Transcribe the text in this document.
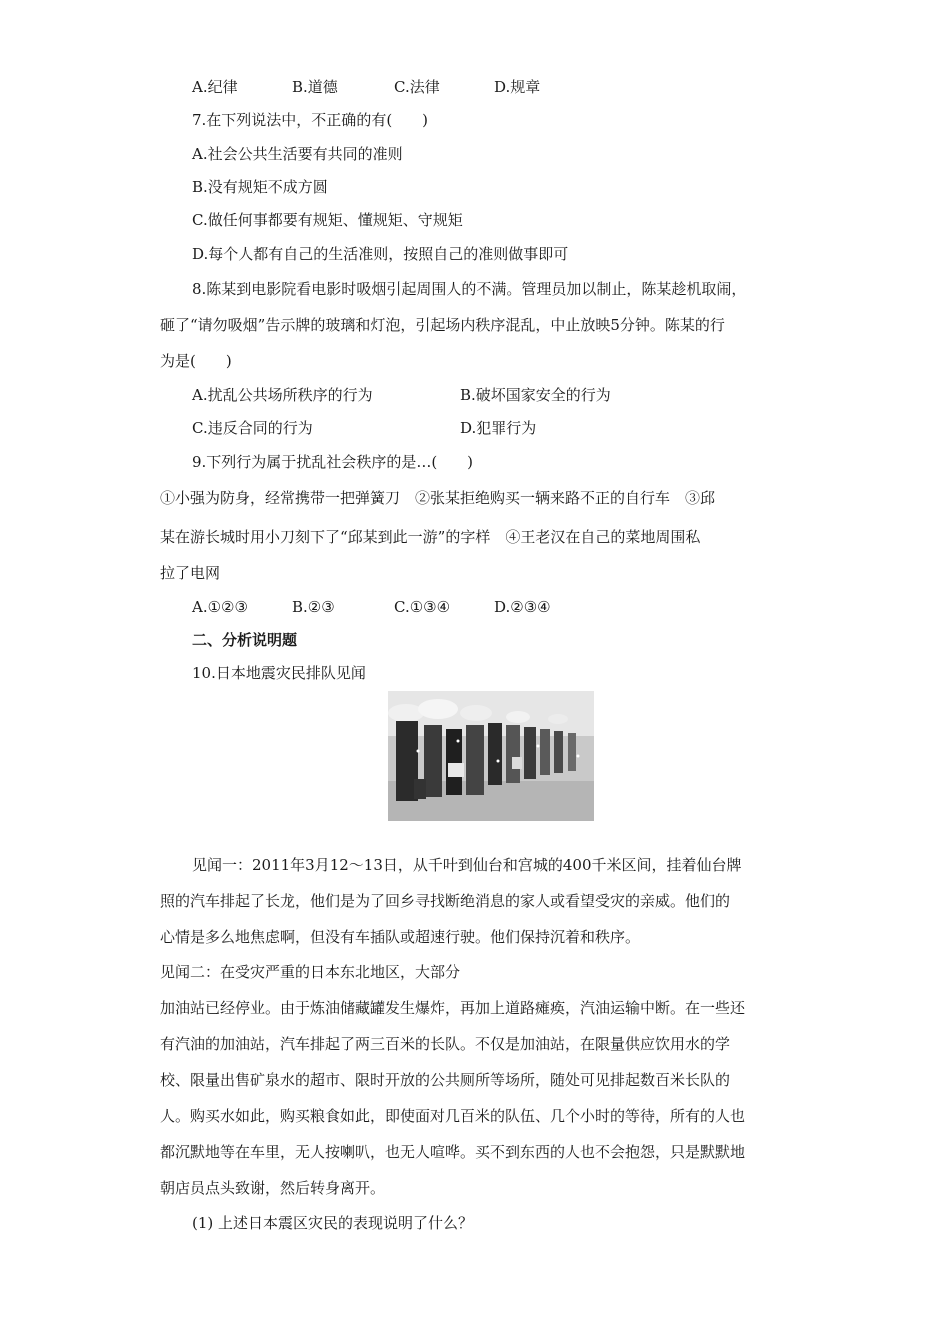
A.纪律	B.道德	C.法律	D.规章
7.在下列说法中，不正确的有(　　)
A.社会公共生活要有共同的准则
B.没有规矩不成方圆
C.做任何事都要有规矩、懂规矩、守规矩
D.每个人都有自己的生活准则，按照自己的准则做事即可
8.陈某到电影院看电影时吸烟引起周围人的不满。管理员加以制止，陈某趁机取闹，
砸了“请勿吸烟”告示牌的玻璃和灯泡，引起场内秩序混乱，中止放映5分钟。陈某的行
为是(　　)
A.扰乱公共场所秩序的行为	B.破坏国家安全的行为
C.违反合同的行为	D.犯罪行为
9.下列行为属于扰乱社会秩序的是…(　　)
①小强为防身，经常携带一把弹簧刀　②张某拒绝购买一辆来路不正的自行车　③邱
某在游长城时用小刀刻下了“邱某到此一游”的字样　④王老汉在自己的菜地周围私
拉了电网
A.①②③	B.②③	C.①③④	D.②③④
二、分析说明题
10.日本地震灾民排队见闻
见闻一：2011年3月12～13日，从千叶到仙台和宫城的400千米区间，挂着仙台牌
照的汽车排起了长龙，他们是为了回乡寻找断绝消息的家人或看望受灾的亲威。他们的
心情是多么地焦虑啊，但没有车插队或超速行驶。他们保持沉着和秩序。
见闻二：在受灾严重的日本东北地区，大部分
加油站已经停业。由于炼油储藏罐发生爆炸，再加上道路瘫痪，汽油运输中断。在一些还
有汽油的加油站，汽车排起了两三百米的长队。不仅是加油站，在限量供应饮用水的学
校、限量出售矿泉水的超市、限时开放的公共厕所等场所，随处可见排起数百米长队的
人。购买水如此，购买粮食如此，即使面对几百米的队伍、几个小时的等待，所有的人也
都沉默地等在车里，无人按喇叭，也无人喧哗。买不到东西的人也不会抱怨，只是默默地
朝店员点头致谢，然后转身离开。
(1) 上述日本震区灾民的表现说明了什么？
